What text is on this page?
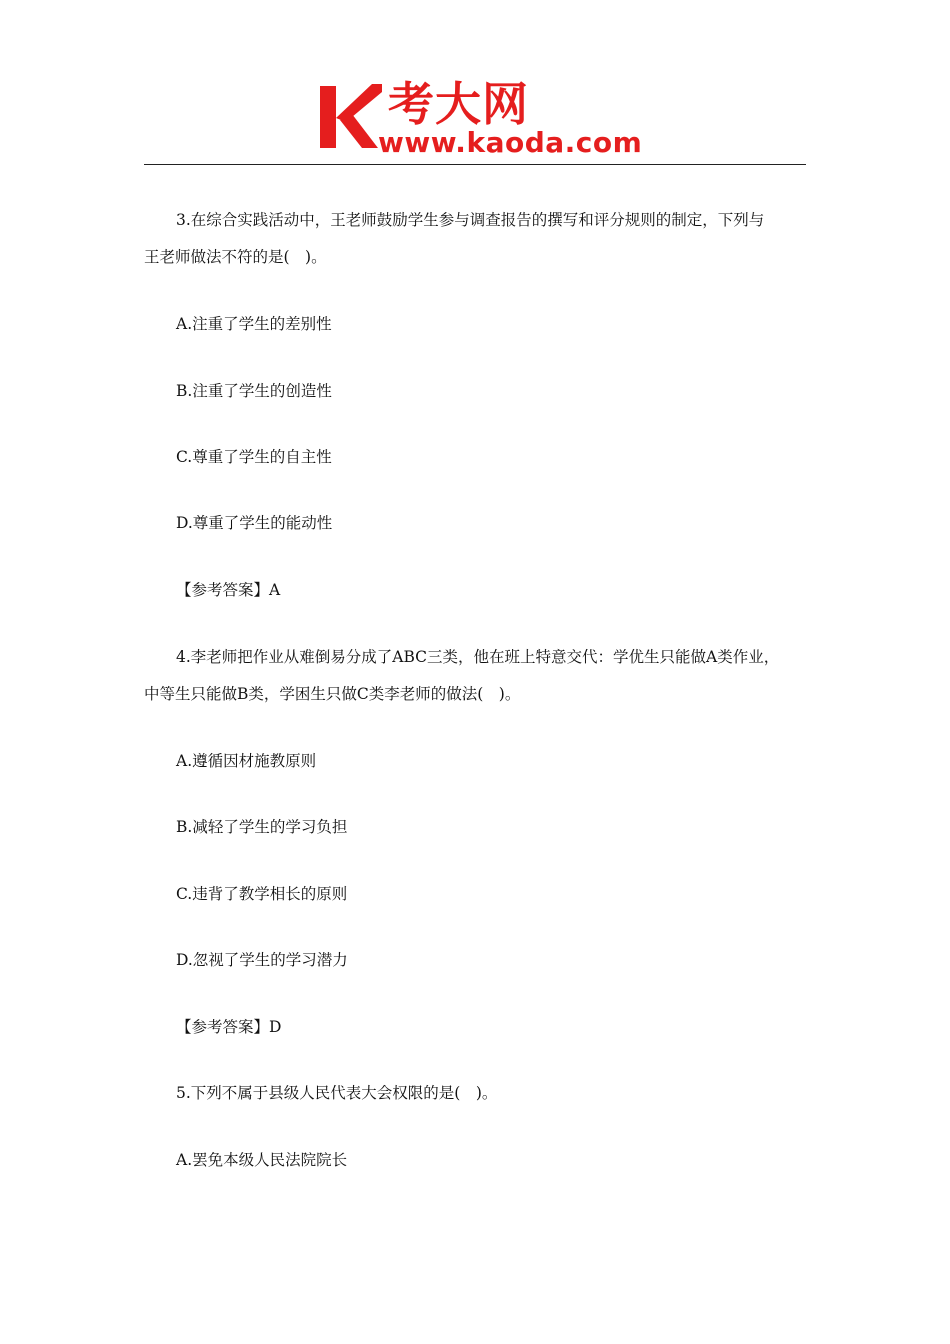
考大网
www.kaoda.com
3.在综合实践活动中，王老师鼓励学生参与调查报告的撰写和评分规则的制定，下列与
王老师做法不符的是(　)。
A.注重了学生的差别性
B.注重了学生的创造性
C.尊重了学生的自主性
D.尊重了学生的能动性
【参考答案】A
4.李老师把作业从难倒易分成了ABC三类，他在班上特意交代：学优生只能做A类作业，
中等生只能做B类，学困生只做C类李老师的做法(　)。
A.遵循因材施教原则
B.减轻了学生的学习负担
C.违背了教学相长的原则
D.忽视了学生的学习潜力
【参考答案】D
5.下列不属于县级人民代表大会权限的是(　)。
A.罢免本级人民法院院长
